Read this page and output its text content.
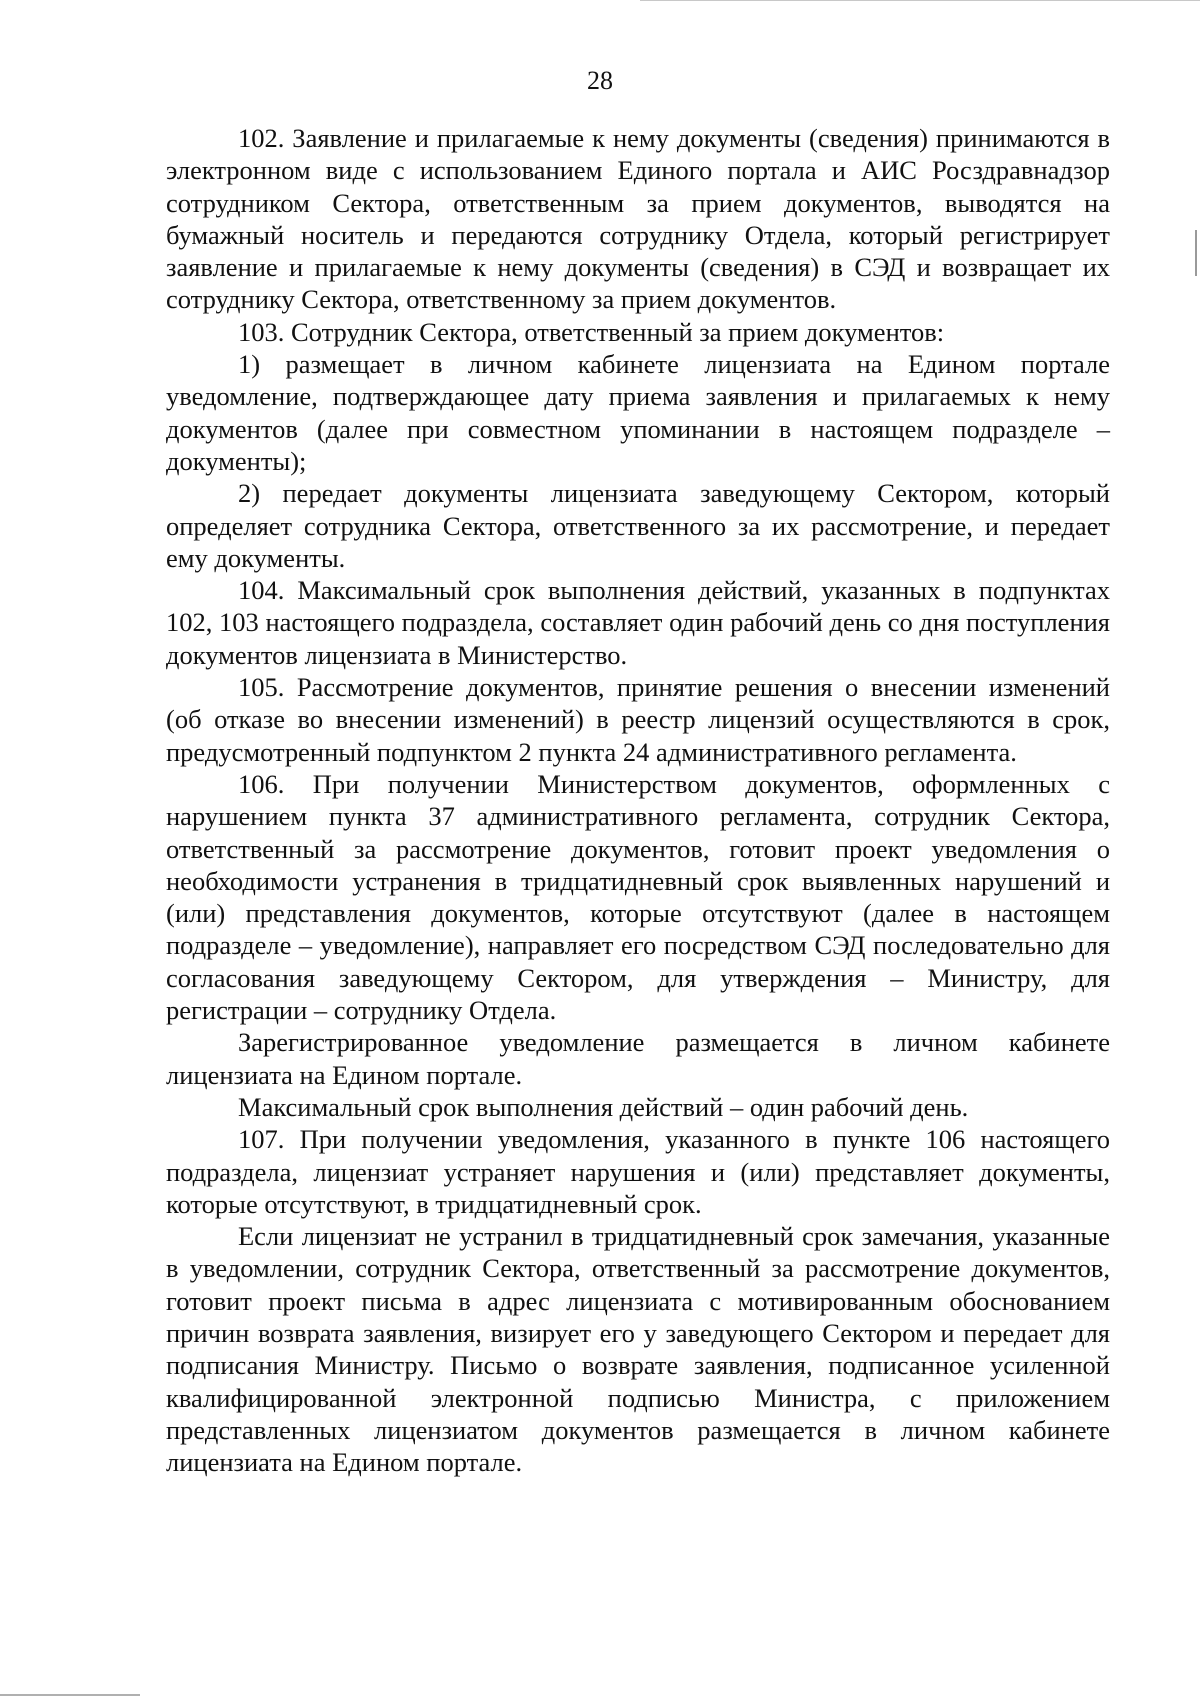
28

102. Заявление и прилагаемые к нему документы (сведения) принимаются в электронном виде с использованием Единого портала и АИС Росздравнадзор сотрудником Сектора, ответственным за прием документов, выводятся на бумажный носитель и передаются сотруднику Отдела, который регистрирует заявление и прилагаемые к нему документы (сведения) в СЭД и возвращает их сотруднику Сектора, ответственному за прием документов.

103. Сотрудник Сектора, ответственный за прием документов:

1) размещает в личном кабинете лицензиата на Едином портале уведомление, подтверждающее дату приема заявления и прилагаемых к нему документов (далее при совместном упоминании в настоящем подразделе – документы);

2) передает документы лицензиата заведующему Сектором, который определяет сотрудника Сектора, ответственного за их рассмотрение, и передает ему документы.

104. Максимальный срок выполнения действий, указанных в подпунктах 102, 103 настоящего подраздела, составляет один рабочий день со дня поступления документов лицензиата в Министерство.

105. Рассмотрение документов, принятие решения о внесении изменений (об отказе во внесении изменений) в реестр лицензий осуществляются в срок, предусмотренный подпунктом 2 пункта 24 административного регламента.

106. При получении Министерством документов, оформленных с нарушением пункта 37 административного регламента, сотрудник Сектора, ответственный за рассмотрение документов, готовит проект уведомления о необходимости устранения в тридцатидневный срок выявленных нарушений и (или) представления документов, которые отсутствуют (далее в настоящем подразделе – уведомление), направляет его посредством СЭД последовательно для согласования заведующему Сектором, для утверждения – Министру, для регистрации – сотруднику Отдела.

Зарегистрированное уведомление размещается в личном кабинете лицензиата на Едином портале.

Максимальный срок выполнения действий – один рабочий день.

107. При получении уведомления, указанного в пункте 106 настоящего подраздела, лицензиат устраняет нарушения и (или) представляет документы, которые отсутствуют, в тридцатидневный срок.

Если лицензиат не устранил в тридцатидневный срок замечания, указанные в уведомлении, сотрудник Сектора, ответственный за рассмотрение документов, готовит проект письма в адрес лицензиата с мотивированным обоснованием причин возврата заявления, визирует его у заведующего Сектором и передает для подписания Министру. Письмо о возврате заявления, подписанное усиленной квалифицированной электронной подписью Министра, с приложением представленных лицензиатом документов размещается в личном кабинете лицензиата на Едином портале.
